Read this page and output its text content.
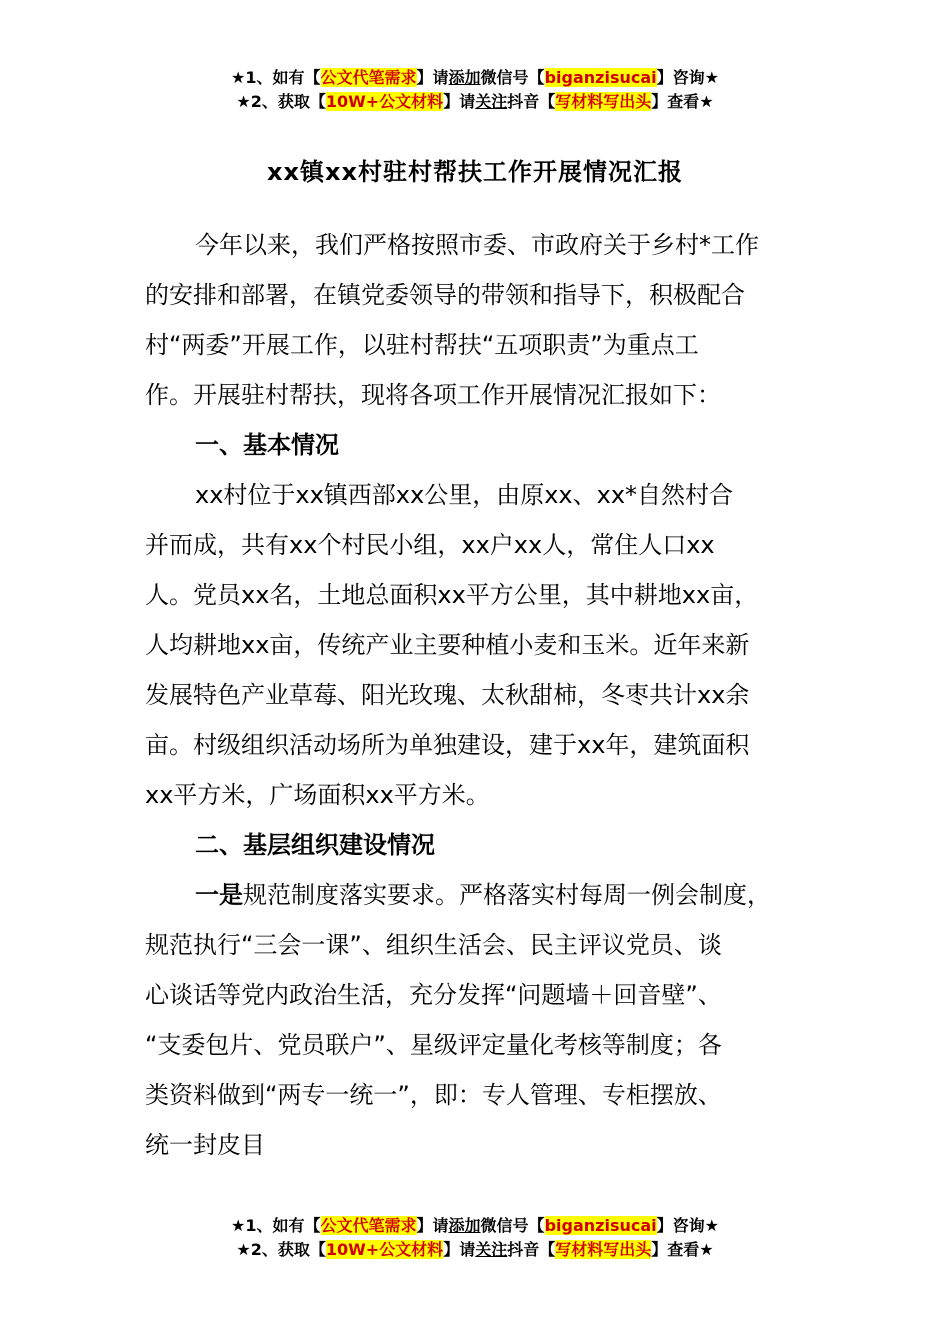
★1、如有【公文代笔需求】请添加微信号【biganzisucai】咨询★
★2、获取【10W+公文材料】请关注抖音【写材料写出头】查看★
xx镇xx村驻村帮扶工作开展情况汇报
今年以来，我们严格按照市委、市政府关于乡村*工作
的安排和部署，在镇党委领导的带领和指导下，积极配合
村“两委”开展工作，以驻村帮扶“五项职责”为重点工
作。开展驻村帮扶，现将各项工作开展情况汇报如下：
一、基本情况
xx村位于xx镇西部xx公里，由原xx、xx*自然村合
并而成，共有xx个村民小组，xx户xx人，常住人口xx
人。党员xx名，土地总面积xx平方公里，其中耕地xx亩，
人均耕地xx亩，传统产业主要种植小麦和玉米。近年来新
发展特色产业草莓、阳光玫瑰、太秋甜柿，冬枣共计xx余
亩。村级组织活动场所为单独建设，建于xx年，建筑面积
xx平方米，广场面积xx平方米。
二、基层组织建设情况
一是规范制度落实要求。严格落实村每周一例会制度，
规范执行“三会一课”、组织生活会、民主评议党员、谈
心谈话等党内政治生活，充分发挥“问题墙＋回音壁”、
“支委包片、党员联户”、星级评定量化考核等制度；各
类资料做到“两专一统一”，即：专人管理、专柜摆放、
统一封皮目
★1、如有【公文代笔需求】请添加微信号【biganzisucai】咨询★
★2、获取【10W+公文材料】请关注抖音【写材料写出头】查看★
